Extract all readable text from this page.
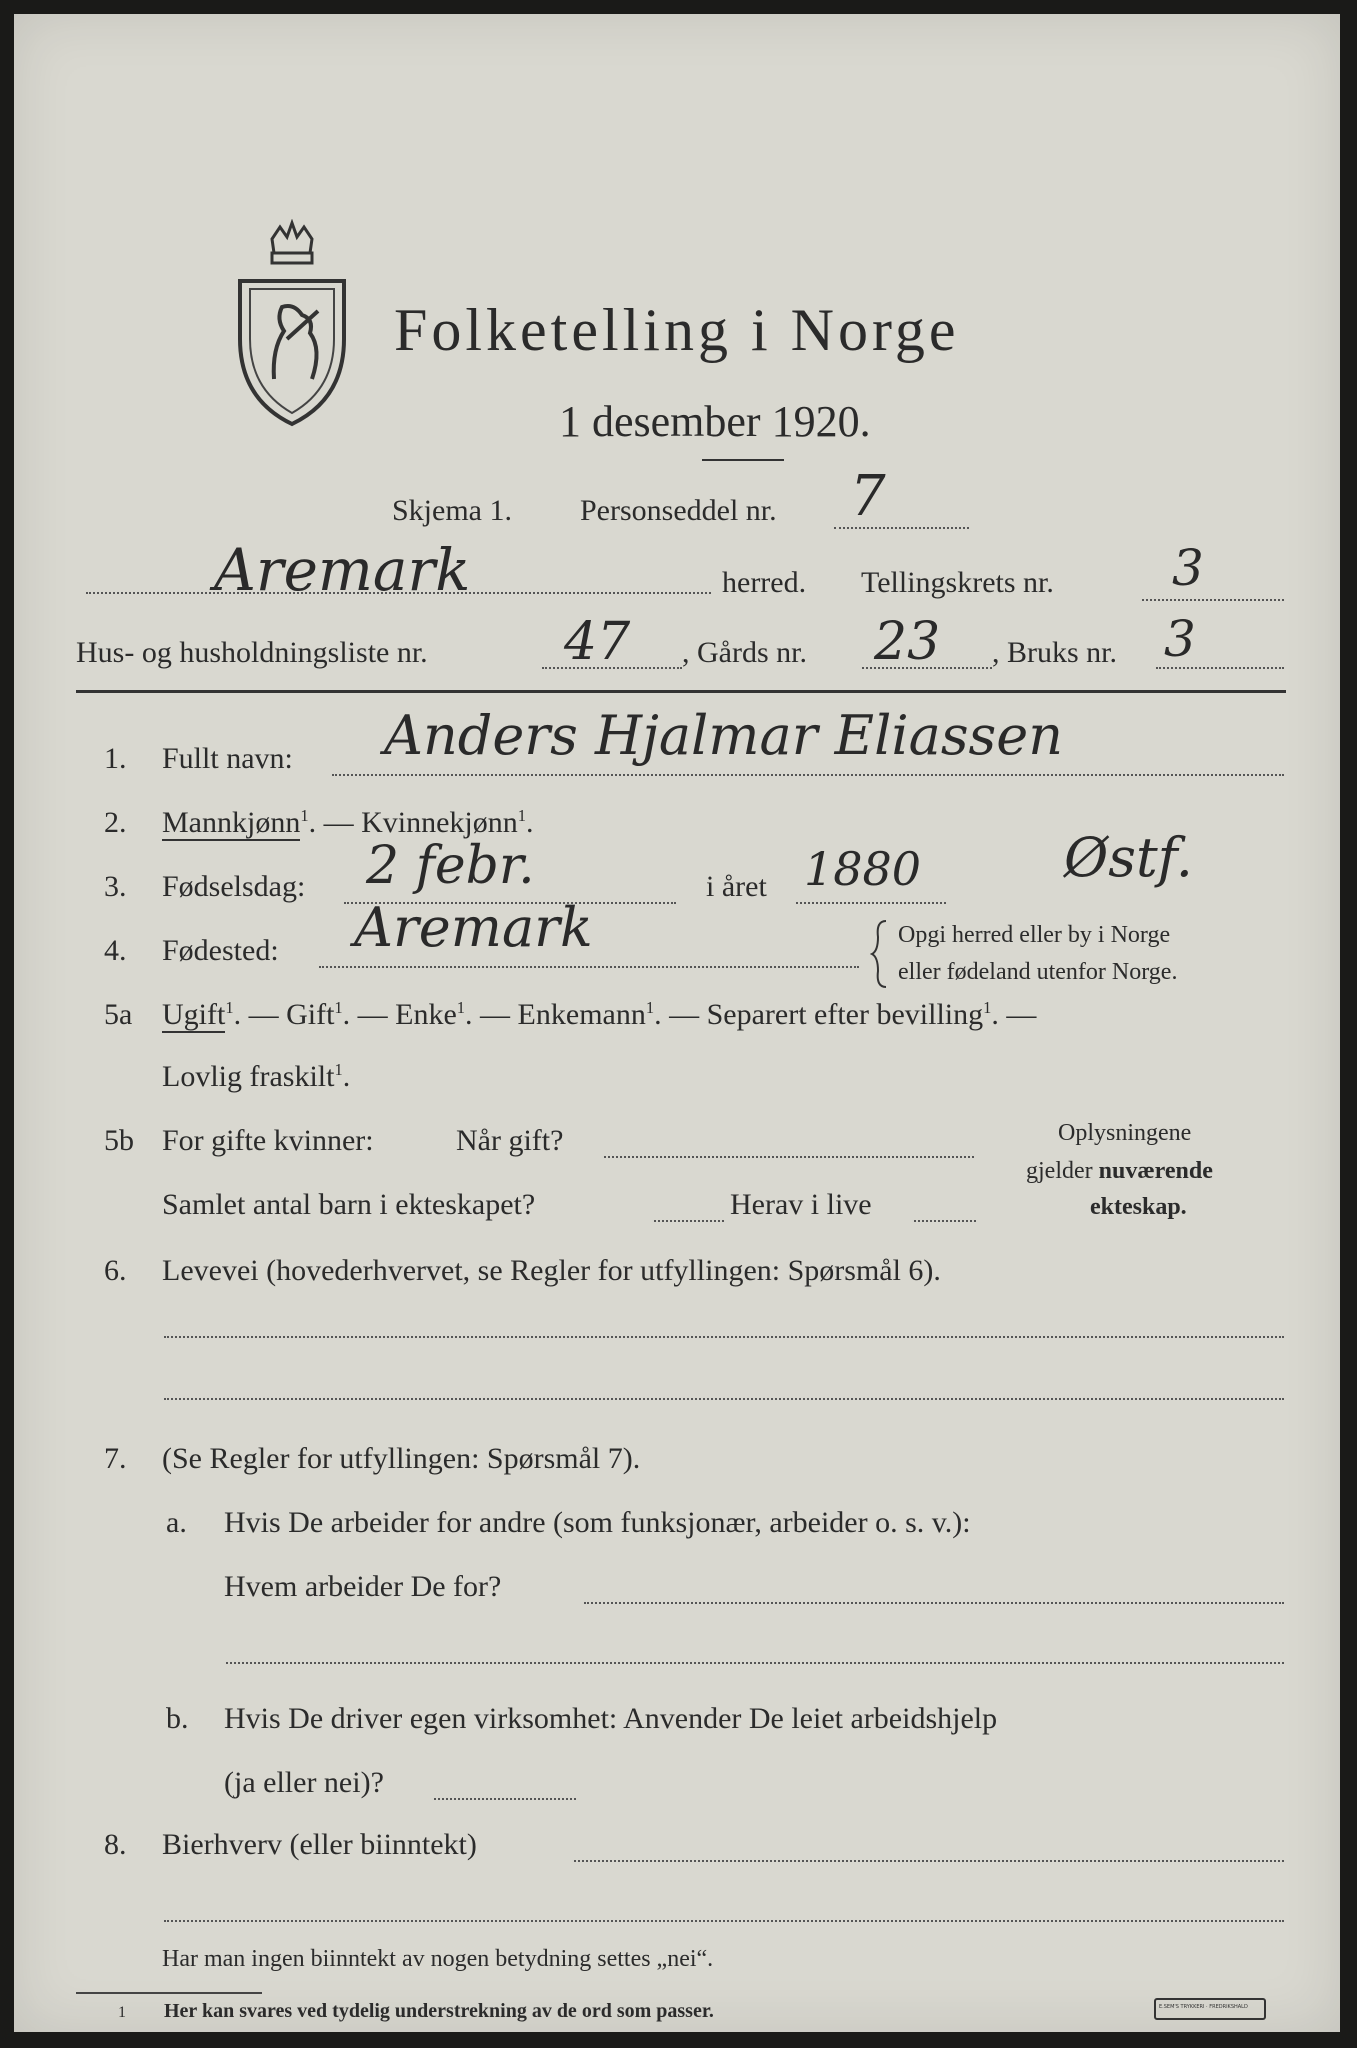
Folketelling i Norge
1 desember 1920.
Skjema 1. Personseddel nr. 7
Aremark	herred. Tellingskrets nr. 3
Hus- og husholdningsliste nr.	47 , Gårds nr. 23 , Bruks nr. 3
1. Fullt navn: Anders Hjalmar Eliassen
2. Mannkjønn$^1$. — Kvinnekjønn$^1$.
3. Fødselsdag: 2 febr.	i året 1880
4. Fødested: Aremark
Østf.
Opgi herred eller by i Norge
eller fødeland utenfor Norge.
5a Ugift$^1$. — Gift$^1$. — Enke$^1$. — Enkemann$^1$. — Separert efter bevilling$^1$. —
Lovlig fraskilt$^1$.
5b For gifte kvinner:	Når gift?
Samlet antal barn i ekteskapet?	Herav i live
Oplysningene
gjelder nuværende
ekteskap.
6. Levevei (hovederhvervet, se Regler for utfyllingen: Spørsmål 6).
7. (Se Regler for utfyllingen: Spørsmål 7).
a. Hvis De arbeider for andre (som funksjonær, arbeider o. s. v.):
Hvem arbeider De for?
b. Hvis De driver egen virksomhet: Anvender De leiet arbeidshjelp
(ja eller nei)?
8. Bierhverv (eller biinntekt)
Har man ingen biinntekt av nogen betydning settes „nei“.
1 Her kan svares ved tydelig understrekning av de ord som passer.	E.SEM'S TRYKKERI · FREDRIKSHALD
